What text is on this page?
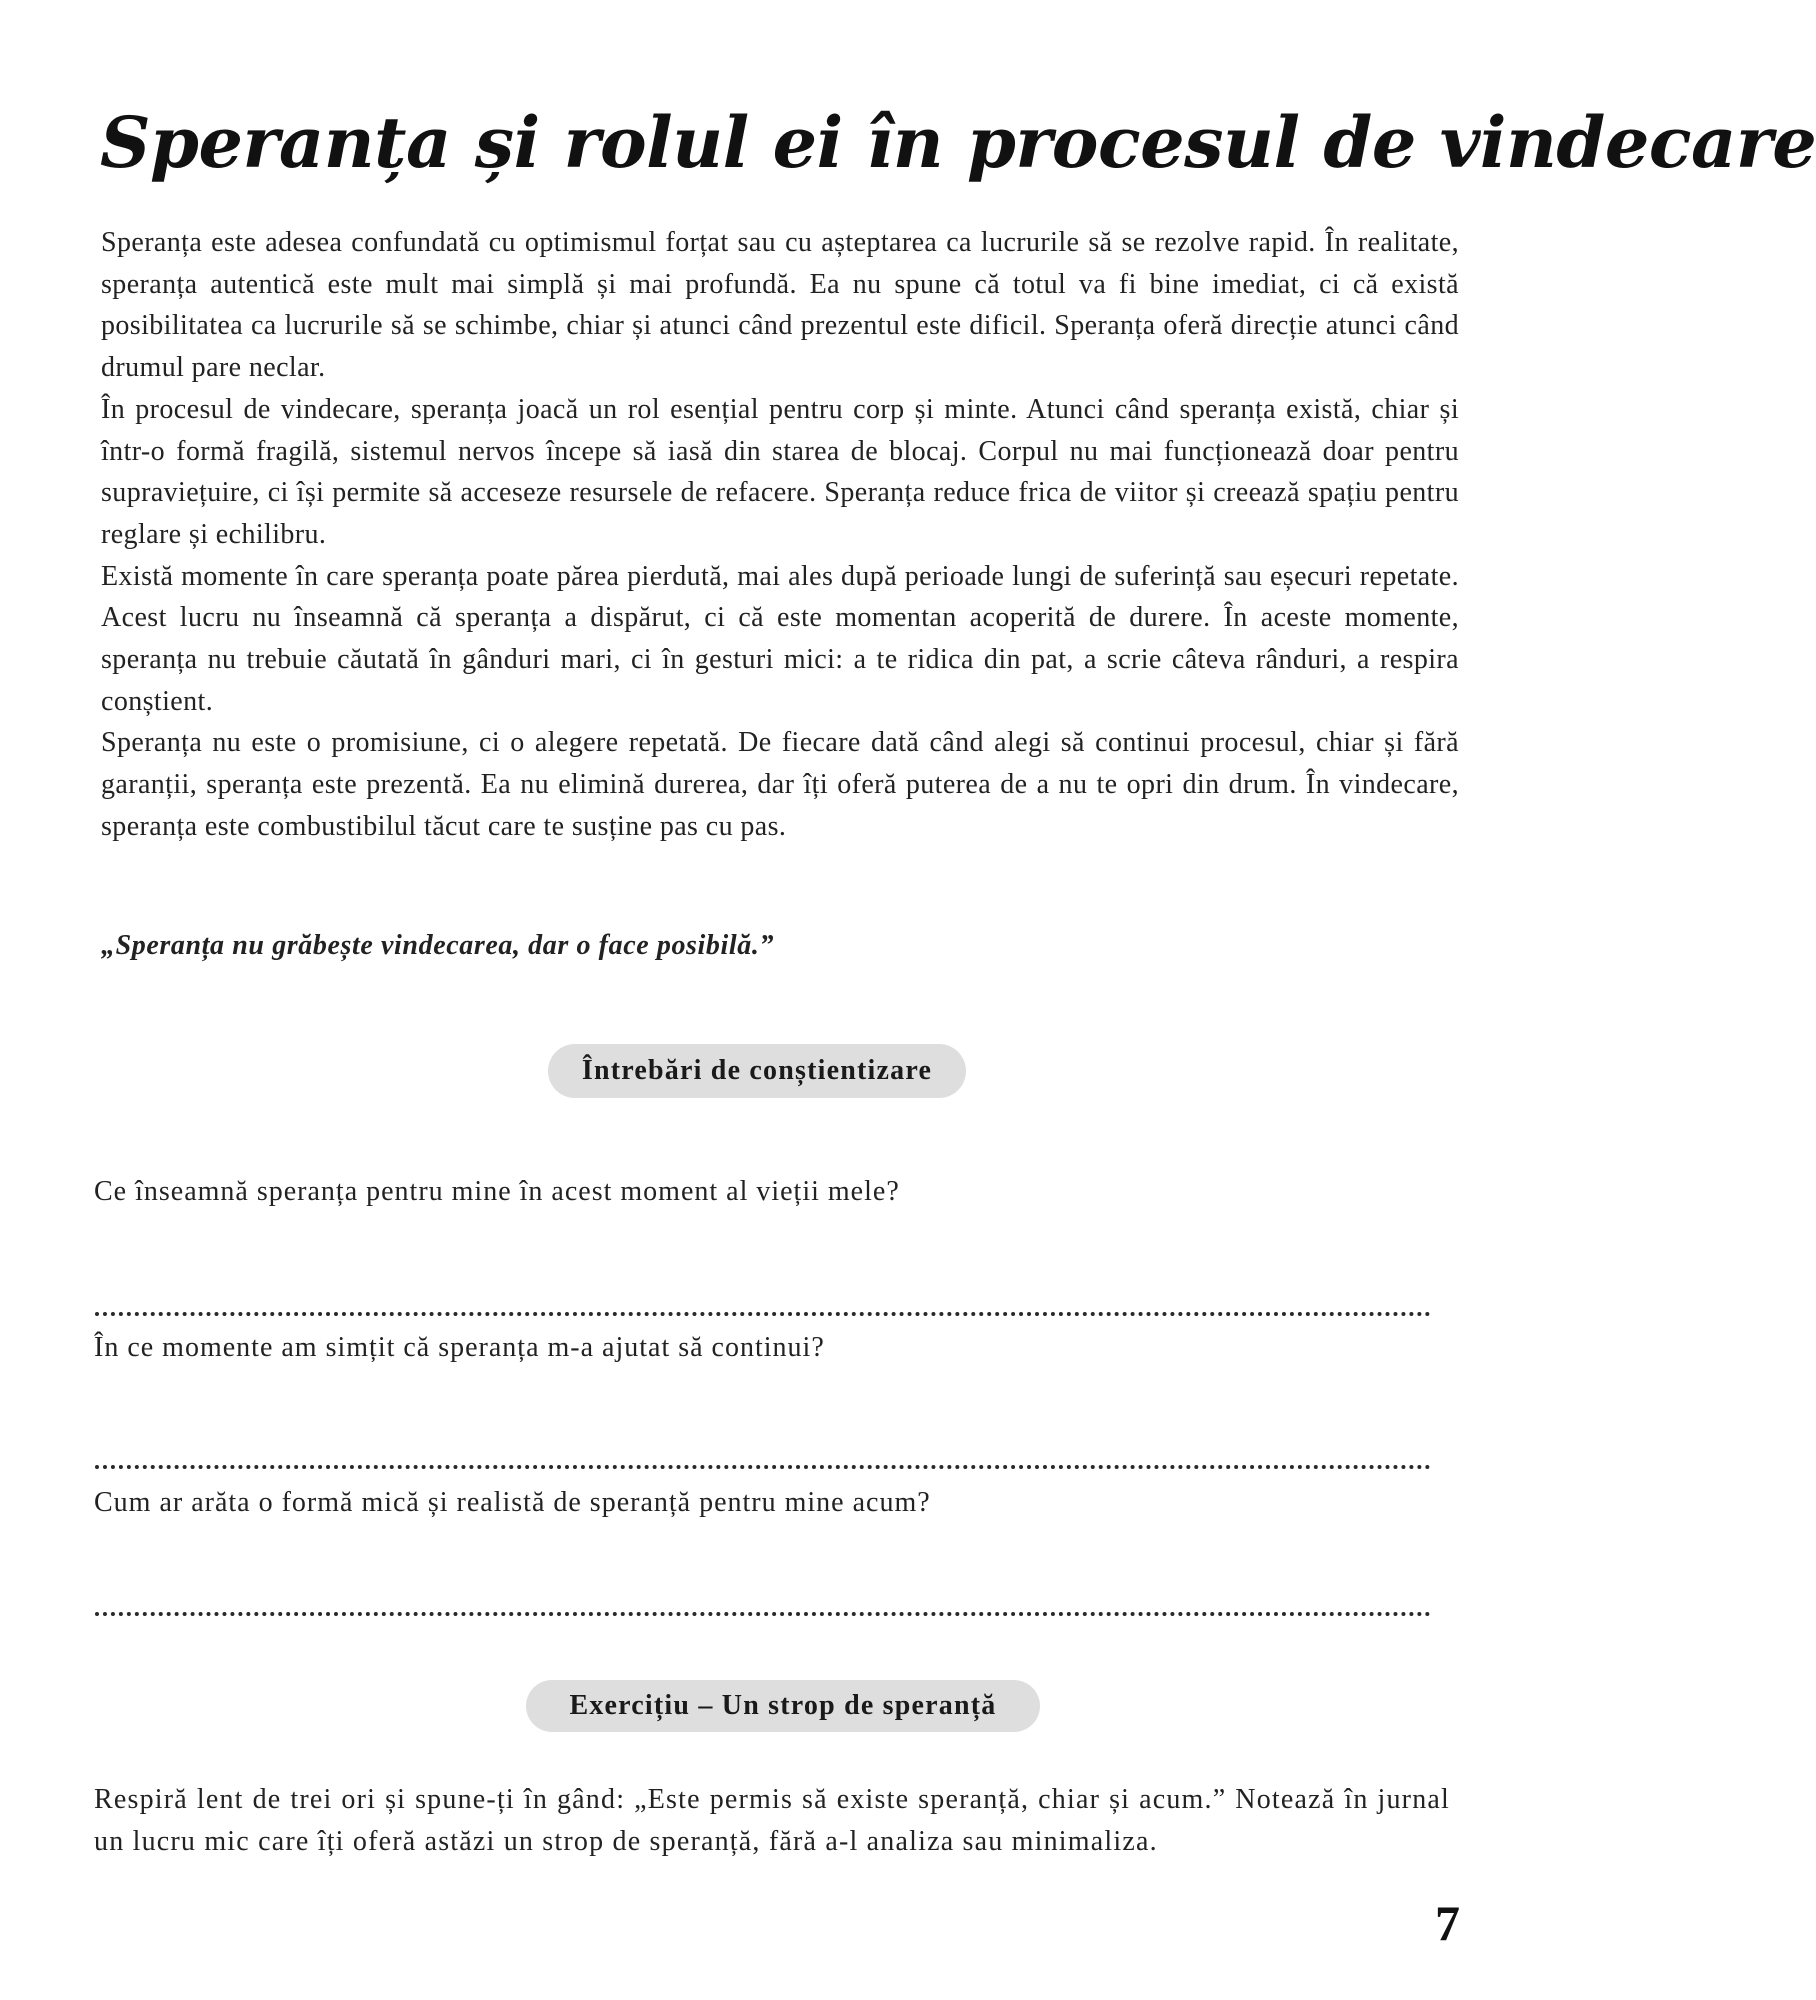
Speranța și rolul ei în procesul de vindecare

Speranța este adesea confundată cu optimismul forțat sau cu așteptarea ca lucrurile să se rezolve rapid. În realitate, speranța autentică este mult mai simplă și mai profundă. Ea nu spune că totul va fi bine imediat, ci că există posibilitatea ca lucrurile să se schimbe, chiar și atunci când prezentul este dificil. Speranța oferă direcție atunci când drumul pare neclar.

În procesul de vindecare, speranța joacă un rol esențial pentru corp și minte. Atunci când speranța există, chiar și într-o formă fragilă, sistemul nervos începe să iasă din starea de blocaj. Corpul nu mai funcționează doar pentru supraviețuire, ci își permite să acceseze resursele de refacere. Speranța reduce frica de viitor și creează spațiu pentru reglare și echilibru.

Există momente în care speranța poate părea pierdută, mai ales după perioade lungi de suferință sau eșecuri repetate. Acest lucru nu înseamnă că speranța a dispărut, ci că este momentan acoperită de durere. În aceste momente, speranța nu trebuie căutată în gânduri mari, ci în gesturi mici: a te ridica din pat, a scrie câteva rânduri, a respira conștient.

Speranța nu este o promisiune, ci o alegere repetată. De fiecare dată când alegi să continui procesul, chiar și fără garanții, speranța este prezentă. Ea nu elimină durerea, dar îți oferă puterea de a nu te opri din drum. În vindecare, speranța este combustibilul tăcut care te susține pas cu pas.

„Speranța nu grăbește vindecarea, dar o face posibilă.”

Întrebări de conștientizare

Ce înseamnă speranța pentru mine în acest moment al vieții mele?

În ce momente am simțit că speranța m-a ajutat să continui?

Cum ar arăta o formă mică și realistă de speranță pentru mine acum?

Exercițiu – Un strop de speranță

Respiră lent de trei ori și spune-ți în gând: „Este permis să existe speranță, chiar și acum.” Notează în jurnal un lucru mic care îți oferă astăzi un strop de speranță, fără a-l analiza sau minimaliza.

7
